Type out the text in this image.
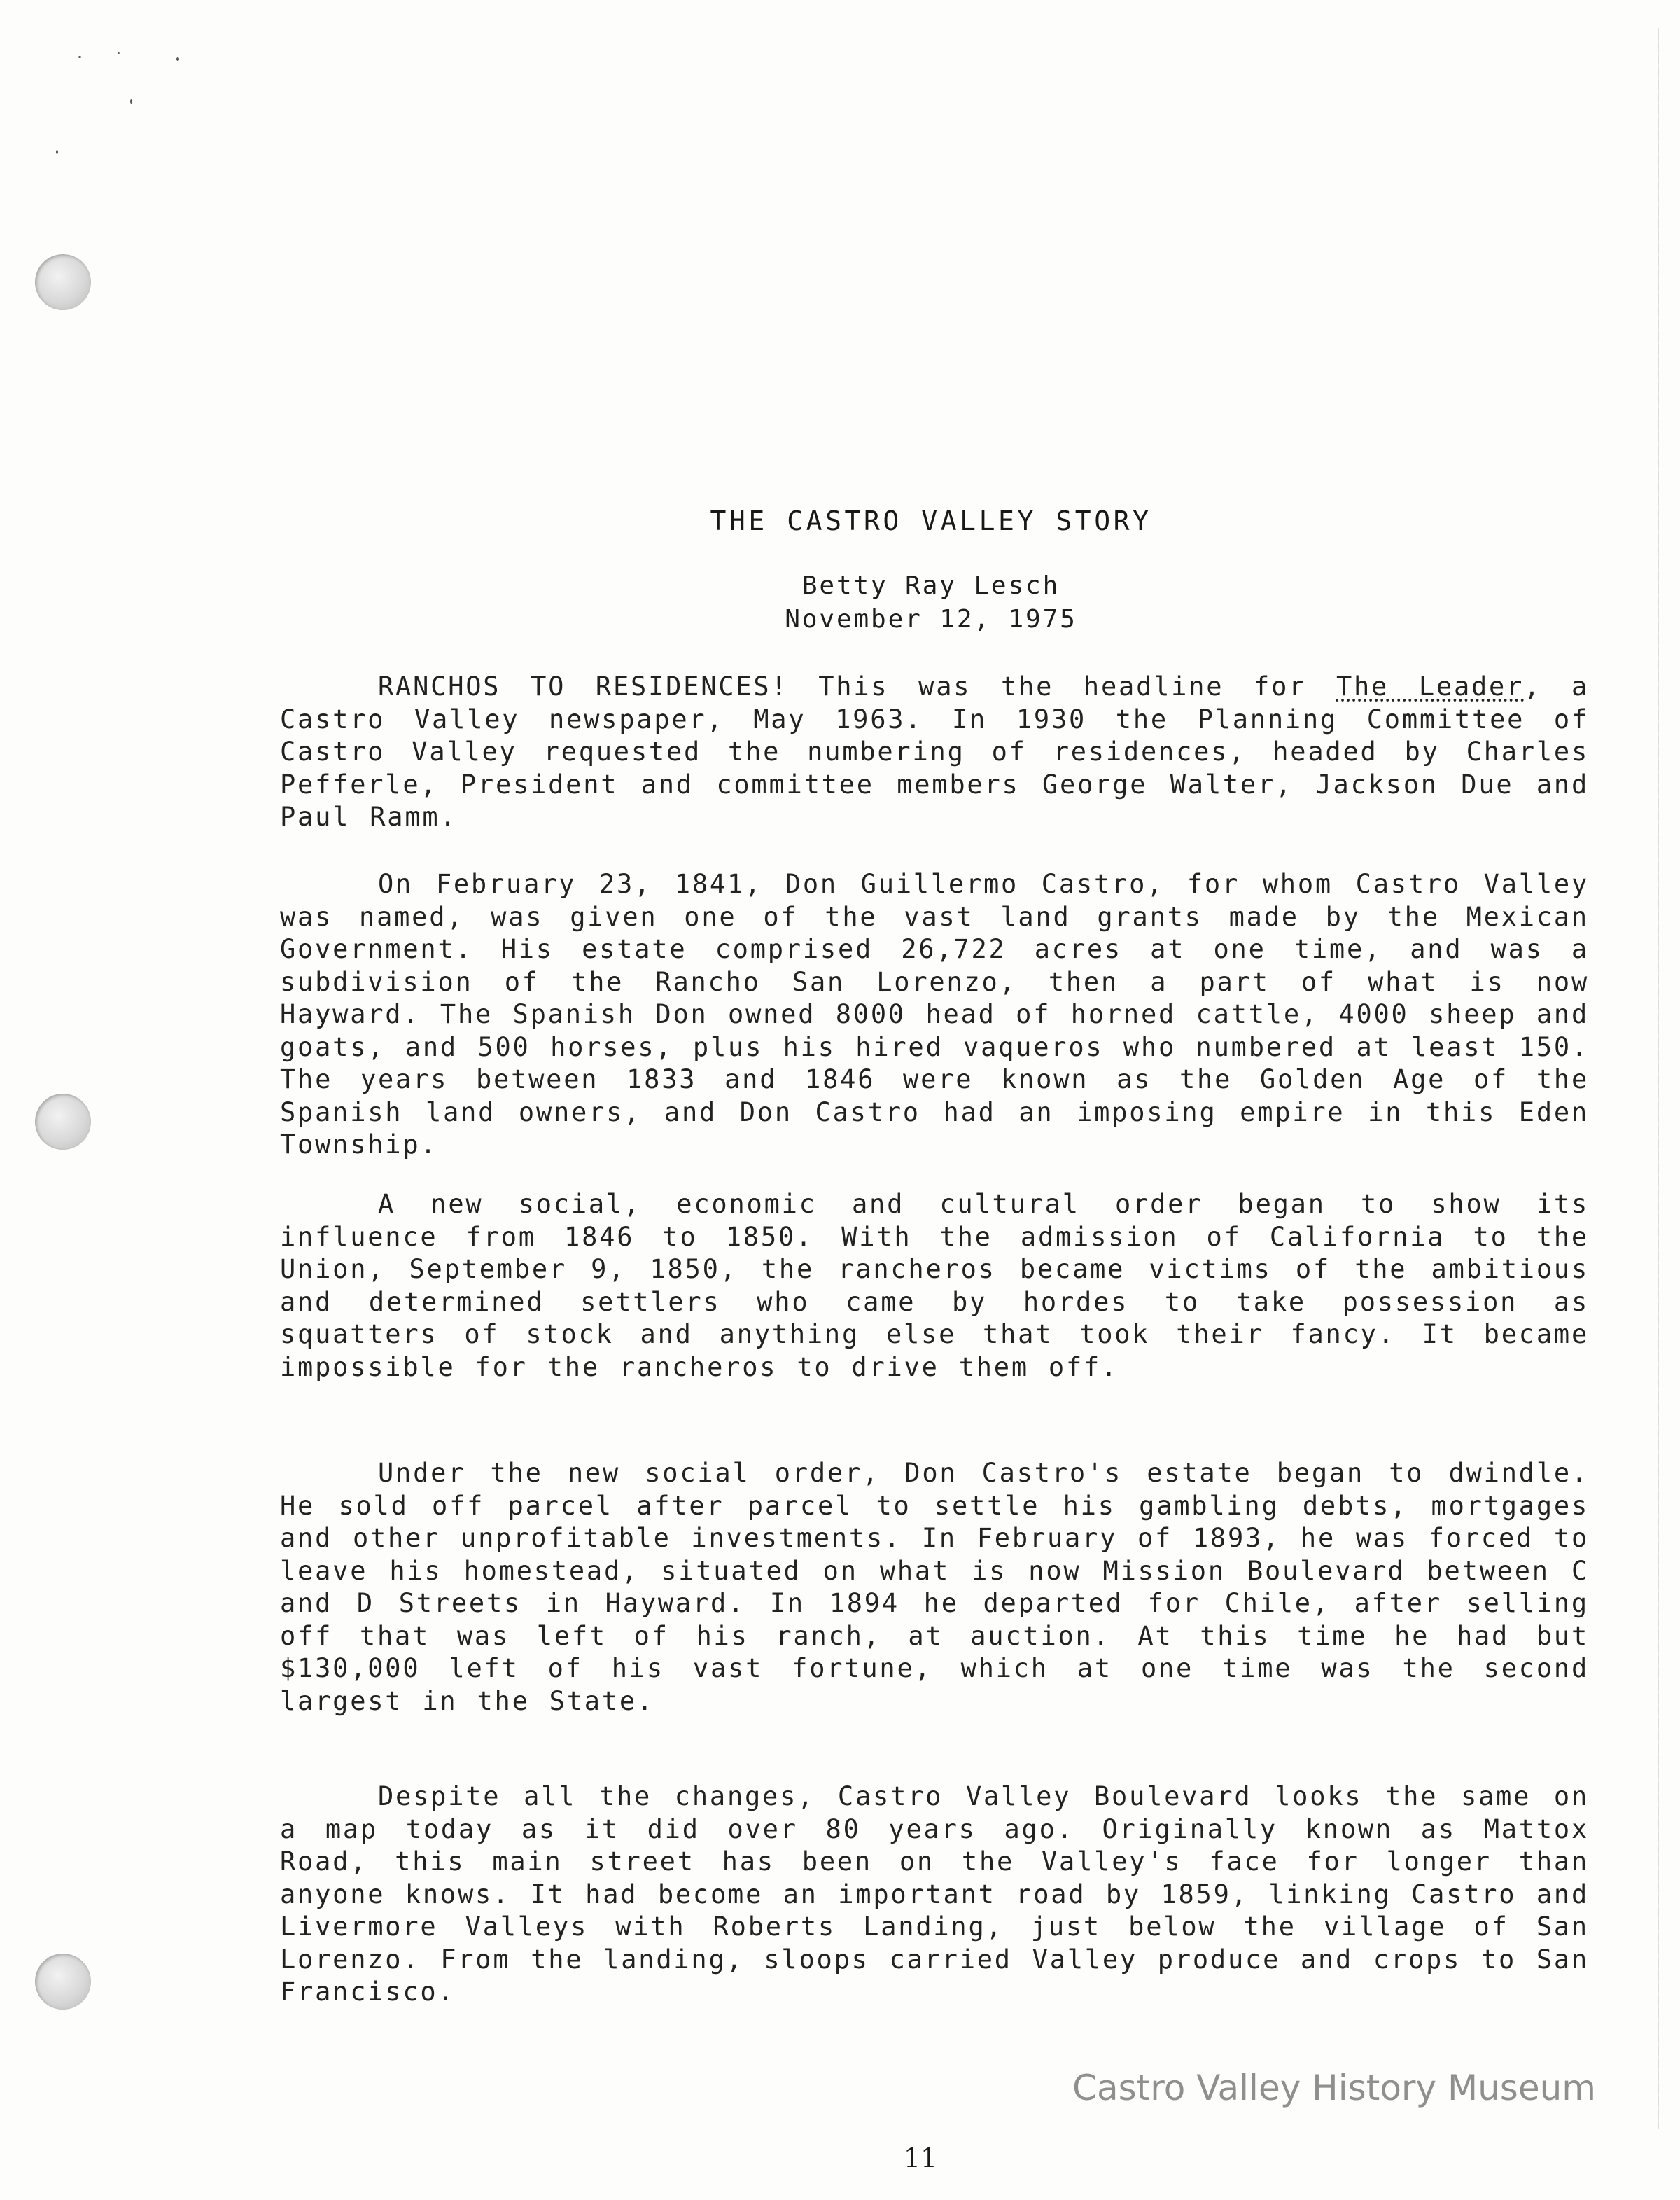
THE CASTRO VALLEY STORY
Betty Ray Lesch
November 12, 1975

RANCHOS TO RESIDENCES! This was the headline for The Leader, a Castro Valley newspaper, May 1963. In 1930 the Planning Committee of Castro Valley requested the numbering of residences, headed by Charles Pefferle, President and committee members George Walter, Jackson Due and Paul Ramm.

On February 23, 1841, Don Guillermo Castro, for whom Castro Valley was named, was given one of the vast land grants made by the Mexican Government. His estate comprised 26,722 acres at one time, and was a subdivision of the Rancho San Lorenzo, then a part of what is now Hayward. The Spanish Don owned 8000 head of horned cattle, 4000 sheep and goats, and 500 horses, plus his hired vaqueros who numbered at least 150. The years between 1833 and 1846 were known as the Golden Age of the Spanish land owners, and Don Castro had an imposing empire in this Eden Township.

A new social, economic and cultural order began to show its influence from 1846 to 1850. With the admission of California to the Union, September 9, 1850, the rancheros became victims of the ambitious and determined settlers who came by hordes to take possession as squatters of stock and anything else that took their fancy. It became impossible for the rancheros to drive them off.

Under the new social order, Don Castro's estate began to dwindle. He sold off parcel after parcel to settle his gambling debts, mortgages and other unprofitable investments. In February of 1893, he was forced to leave his homestead, situated on what is now Mission Boulevard between C and D Streets in Hayward. In 1894 he departed for Chile, after selling off that was left of his ranch, at auction. At this time he had but $130,000 left of his vast fortune, which at one time was the second largest in the State.

Despite all the changes, Castro Valley Boulevard looks the same on a map today as it did over 80 years ago. Originally known as Mattox Road, this main street has been on the Valley's face for longer than anyone knows. It had become an important road by 1859, linking Castro and Livermore Valleys with Roberts Landing, just below the village of San Lorenzo. From the landing, sloops carried Valley produce and crops to San Francisco.

Castro Valley History Museum
11
